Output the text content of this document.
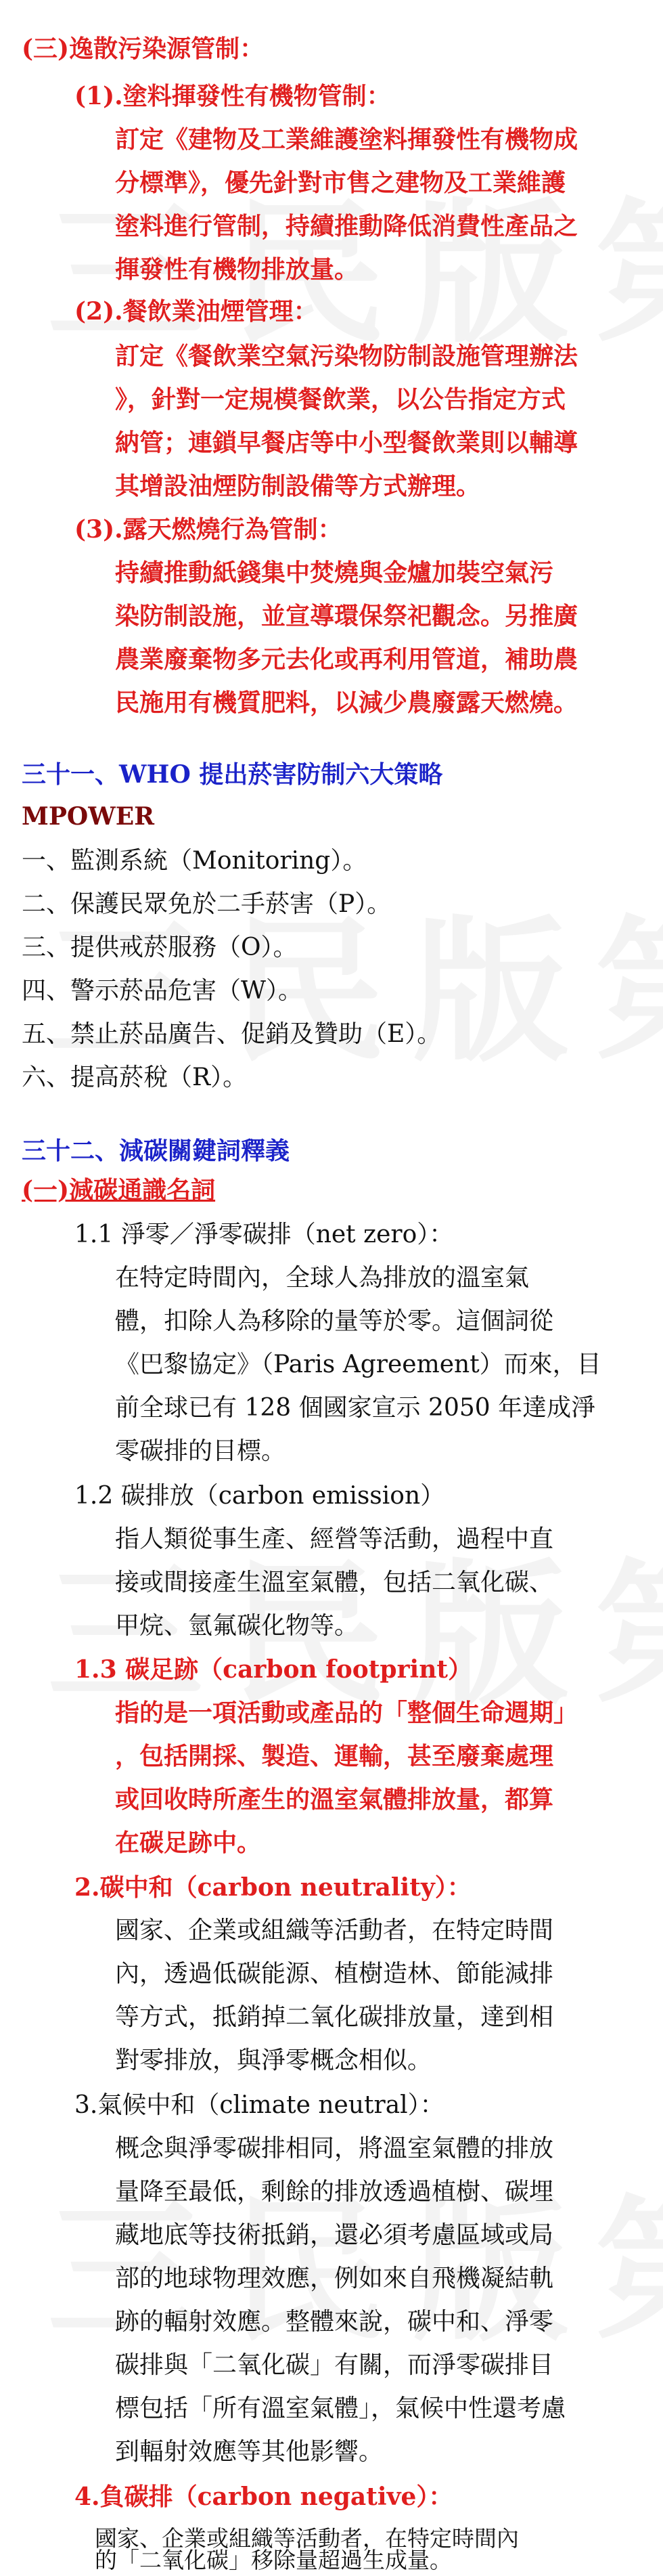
(三)逸散污染源管制：
(1).塗料揮發性有機物管制：
訂定《建物及工業維護塗料揮發性有機物成
分標準》，優先針對市售之建物及工業維護
塗料進行管制，持續推動降低消費性產品之
揮發性有機物排放量。
(2).餐飲業油煙管理：
訂定《餐飲業空氣污染物防制設施管理辦法
》，針對一定規模餐飲業，以公告指定方式
納管；連鎖早餐店等中小型餐飲業則以輔導
其增設油煙防制設備等方式辦理。
(3).露天燃燒行為管制：
持續推動紙錢集中焚燒與金爐加裝空氣污
染防制設施，並宣導環保祭祀觀念。另推廣
農業廢棄物多元去化或再利用管道，補助農
民施用有機質肥料，以減少農廢露天燃燒。
三十一、WHO 提出菸害防制六大策略
MPOWER
一、監測系統（Monitoring）。
二、保護民眾免於二手菸害（P）。
三、提供戒菸服務（O）。
四、警示菸品危害（W）。
五、禁止菸品廣告、促銷及贊助（E）。
六、提高菸稅（R）。
三十二、減碳關鍵詞釋義
(一)減碳通識名詞
1.1 淨零／淨零碳排（net zero）：
在特定時間內，全球人為排放的溫室氣
體，扣除人為移除的量等於零。這個詞從
《巴黎協定》（Paris Agreement）而來，目
前全球已有 128 個國家宣示 2050 年達成淨
零碳排的目標。
1.2 碳排放（carbon emission）
指人類從事生產、經營等活動，過程中直
接或間接產生溫室氣體，包括二氧化碳、
甲烷、氫氟碳化物等。
1.3 碳足跡（carbon footprint）
指的是一項活動或產品的「整個生命週期」
，包括開採、製造、運輸，甚至廢棄處理
或回收時所產生的溫室氣體排放量，都算
在碳足跡中。
2.碳中和（carbon neutrality）：
國家、企業或組織等活動者，在特定時間
內，透過低碳能源、植樹造林、節能減排
等方式，抵銷掉二氧化碳排放量，達到相
對零排放，與淨零概念相似。
3.氣候中和（climate neutral）：
概念與淨零碳排相同，將溫室氣體的排放
量降至最低，剩餘的排放透過植樹、碳埋
藏地底等技術抵銷，還必須考慮區域或局
部的地球物理效應，例如來自飛機凝結軌
跡的輻射效應。整體來說，碳中和、淨零
碳排與「二氧化碳」有關，而淨零碳排目
標包括「所有溫室氣體」，氣候中性還考慮
到輻射效應等其他影響。
4.負碳排（carbon negative）：
國家、企業或組織等活動者，在特定時間內
的「二氧化碳」移除量超過生成量。
